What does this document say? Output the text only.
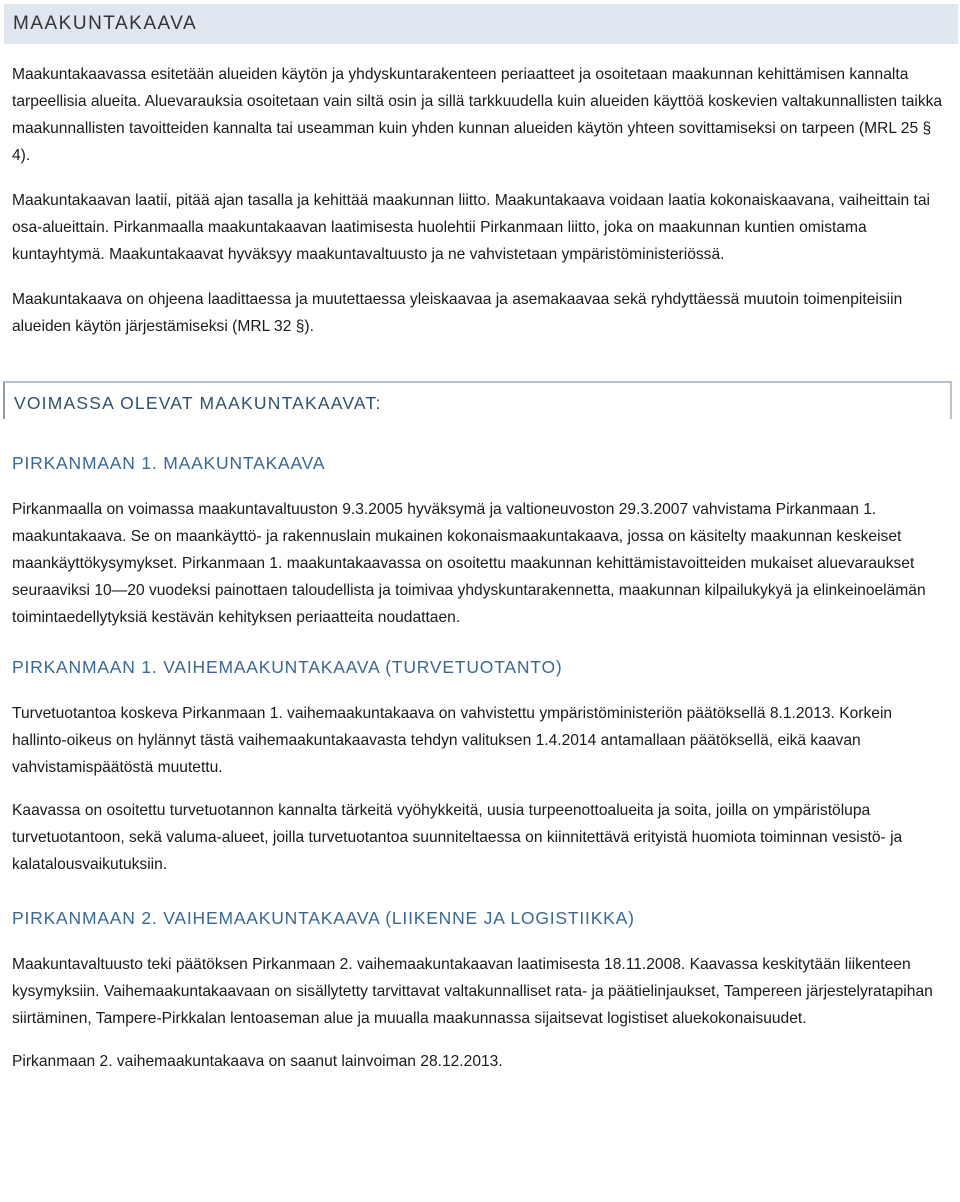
MAAKUNTAKAAVA

Maakuntakaavassa esitetään alueiden käytön ja yhdyskuntarakenteen periaatteet ja osoitetaan maakunnan kehittämisen kannalta tarpeellisia alueita. Aluevarauksia osoitetaan vain siltä osin ja sillä tarkkuudella kuin alueiden käyttöä koskevien valtakunnallisten taikka maakunnallisten tavoitteiden kannalta tai useamman kuin yhden kunnan alueiden käytön yhteen sovittamiseksi on tarpeen (MRL 25 § 4).

Maakuntakaavan laatii, pitää ajan tasalla ja kehittää maakunnan liitto. Maakuntakaava voidaan laatia kokonaiskaavana, vaiheittain tai osa-alueittain. Pirkanmaalla maakuntakaavan laatimisesta huolehtii Pirkanmaan liitto, joka on maakunnan kuntien omistama kuntayhtymä. Maakuntakaavat hyväksyy maakuntavaltuusto ja ne vahvistetaan ympäristöministeriössä.

Maakuntakaava on ohjeena laadittaessa ja muutettaessa yleiskaavaa ja asemakaavaa sekä ryhdyttäessä muutoin toimenpiteisiin alueiden käytön järjestämiseksi (MRL 32 §).

VOIMASSA OLEVAT MAAKUNTAKAAVAT:
PIRKANMAAN 1. MAAKUNTAKAAVA

Pirkanmaalla on voimassa maakuntavaltuuston 9.3.2005 hyväksymä ja valtioneuvoston 29.3.2007 vahvistama Pirkanmaan 1. maakuntakaava. Se on maankäyttö- ja rakennuslain mukainen kokonaismaakuntakaava, jossa on käsitelty maakunnan keskeiset maankäyttökysymykset. Pirkanmaan 1. maakuntakaavassa on osoitettu maakunnan kehittämistavoitteiden mukaiset aluevaraukset seuraaviksi 10―20 vuodeksi painottaen taloudellista ja toimivaa yhdyskuntarakennetta, maakunnan kilpailukykyä ja elinkeinoelämän toimintaedellytyksiä kestävän kehityksen periaatteita noudattaen.

PIRKANMAAN 1. VAIHEMAAKUNTAKAAVA (TURVETUOTANTO)

Turvetuotantoa koskeva Pirkanmaan 1. vaihemaakuntakaava on vahvistettu ympäristöministeriön päätöksellä 8.1.2013. Korkein hallinto-oikeus on hylännyt tästä vaihemaakuntakaavasta tehdyn valituksen 1.4.2014 antamallaan päätöksellä, eikä kaavan vahvistamispäätöstä muutettu.

Kaavassa on osoitettu turvetuotannon kannalta tärkeitä vyöhykkeitä, uusia turpeenottoalueita ja soita, joilla on ympäristölupa turvetuotantoon, sekä valuma-alueet, joilla turvetuotantoa suunniteltaessa on kiinnitettävä erityistä huomiota toiminnan vesistö- ja kalatalousvaikutuksiin.

PIRKANMAAN 2. VAIHEMAAKUNTAKAAVA (LIIKENNE JA LOGISTIIKKA)

Maakuntavaltuusto teki päätöksen Pirkanmaan 2. vaihemaakuntakaavan laatimisesta 18.11.2008. Kaavassa keskitytään liikenteen kysymyksiin. Vaihemaakuntakaavaan on sisällytetty tarvittavat valtakunnalliset rata- ja päätielinjaukset, Tampereen järjestelyratapihan siirtäminen, Tampere-Pirkkalan lentoaseman alue ja muualla maakunnassa sijaitsevat logistiset aluekokonaisuudet.

Pirkanmaan 2. vaihemaakuntakaava on saanut lainvoiman 28.12.2013.
